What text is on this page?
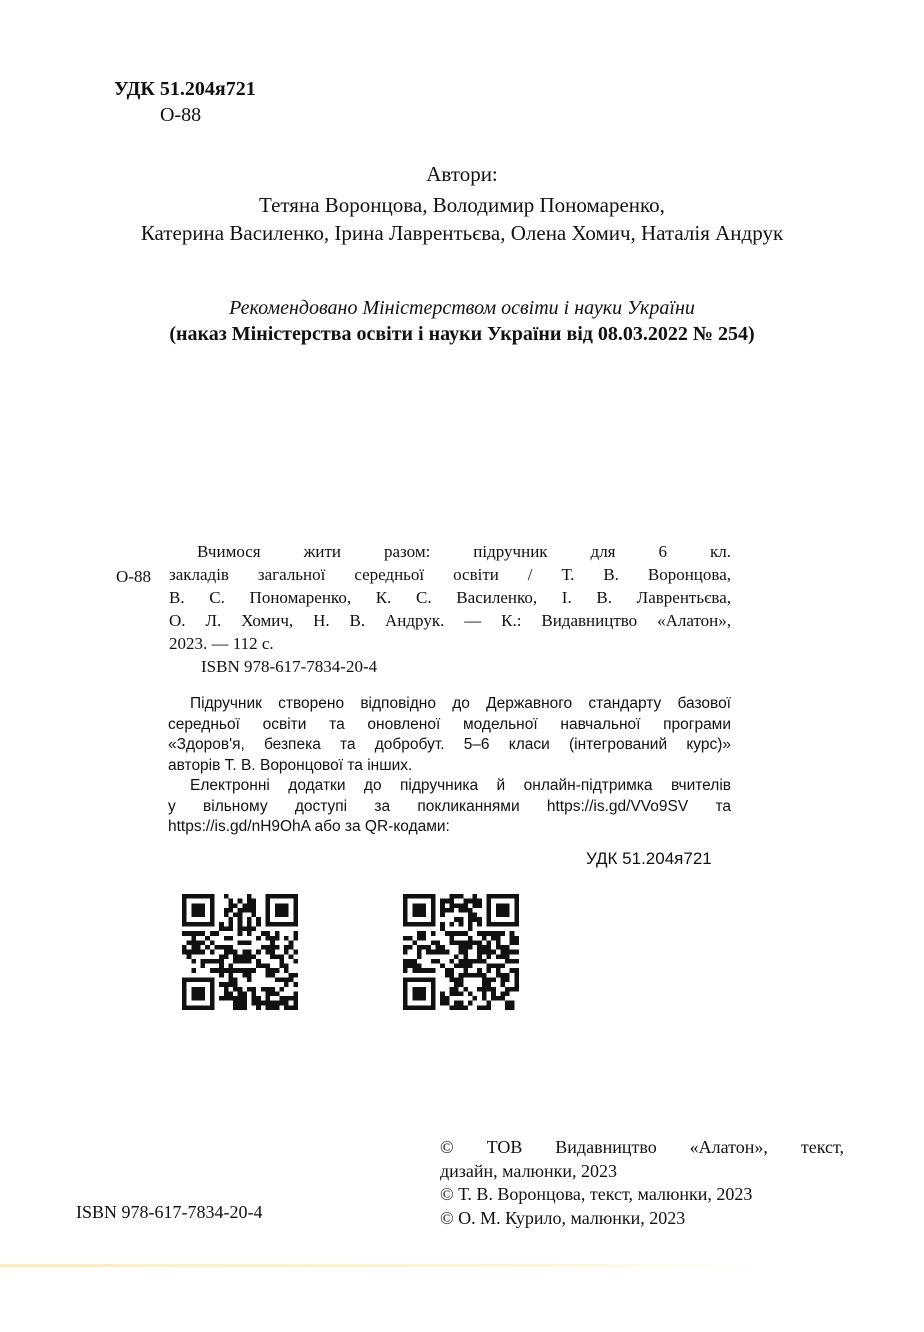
УДК 51.204я721
О-88
Автори:
Тетяна Воронцова, Володимир Пономаренко,
Катерина Василенко, Ірина Лаврентьєва, Олена Хомич, Наталія Андрук
Рекомендовано Міністерством освіти і науки України
(наказ Міністерства освіти і науки України від 08.03.2022 № 254)
О-88
Вчимося жити разом: підручник для 6 кл.
закладів загальної середньої освіти / Т. В. Воронцова,
В. С. Пономаренко, К. С. Василенко, І. В. Лаврентьєва,
О. Л. Хомич, Н. В. Андрук. — К.: Видавництво «Алатон»,
2023. — 112 с.
ISBN 978-617-7834-20-4
Підручник створено відповідно до Державного стандарту базової
середньої освіти та оновленої модельної навчальної програми
«Здоров'я, безпека та добробут. 5–6 класи (інтегрований курс)»
авторів Т. В. Воронцової та інших.
Електронні додатки до підручника й онлайн-підтримка вчителів
у вільному доступі за покликаннями https://is.gd/VVo9SV та
https://is.gd/nH9OhA або за QR-кодами:
УДК 51.204я721
© ТОВ Видавництво «Алатон», текст,
дизайн, малюнки, 2023
© Т. В. Воронцова, текст, малюнки, 2023
© О. М. Курило, малюнки, 2023
ISBN 978-617-7834-20-4
